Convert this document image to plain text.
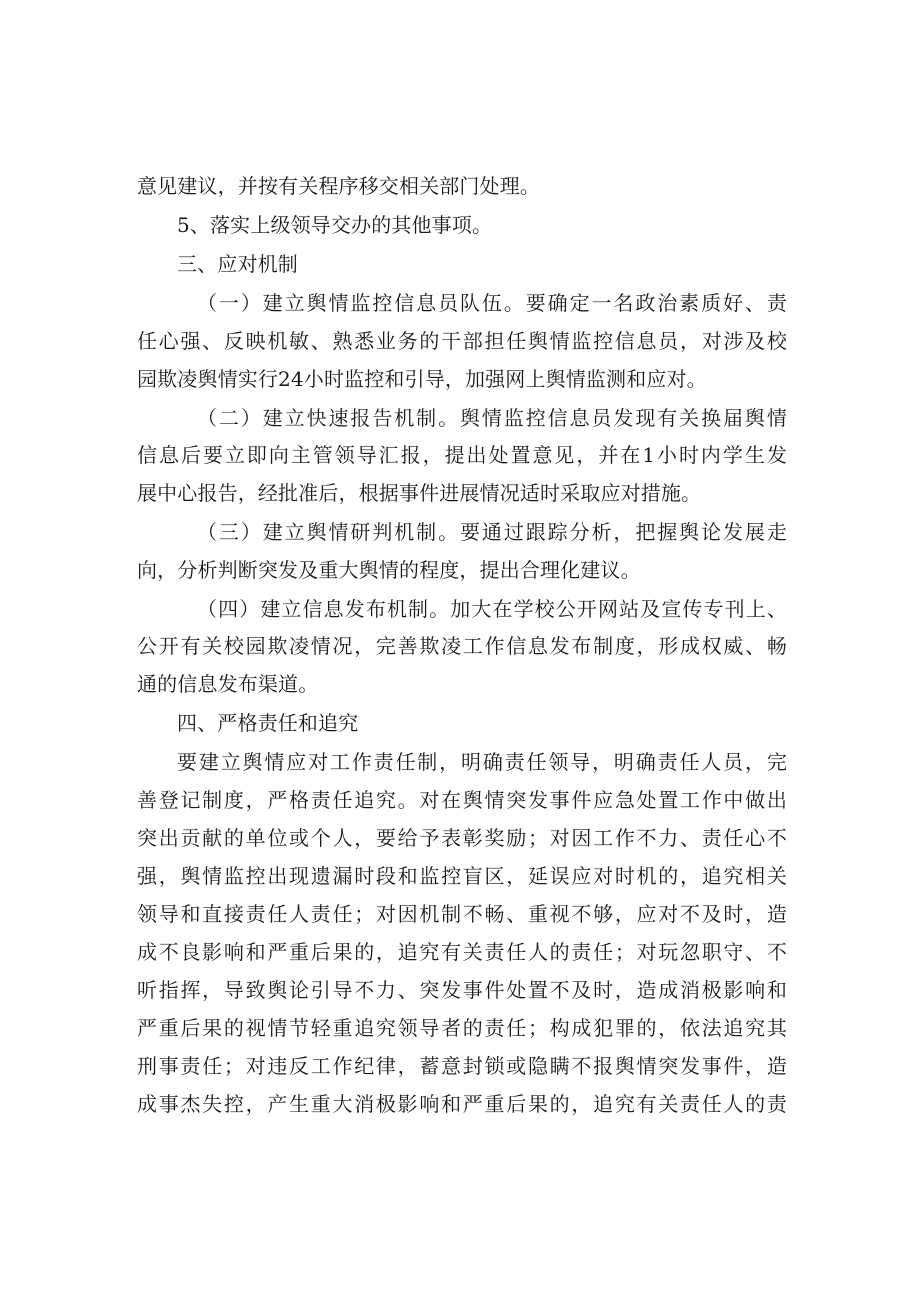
意见建议，并按有关程序移交相关部门处理。
5、落实上级领导交办的其他事项。
三、应对机制
（一）建立舆情监控信息员队伍。要确定一名政治素质好、责
任心强、反映机敏、熟悉业务的干部担任舆情监控信息员，对涉及校
园欺凌舆情实行24小时监控和引导，加强网上舆情监测和应对。
（二）建立快速报告机制。舆情监控信息员发现有关换届舆情
信息后要立即向主管领导汇报，提出处置意见，并在1小时内学生发
展中心报告，经批准后，根据事件进展情况适时采取应对措施。
（三）建立舆情研判机制。要通过跟踪分析，把握舆论发展走
向，分析判断突发及重大舆情的程度，提出合理化建议。
（四）建立信息发布机制。加大在学校公开网站及宣传专刊上、
公开有关校园欺凌情况，完善欺凌工作信息发布制度，形成权威、畅
通的信息发布渠道。
四、严格责任和追究
要建立舆情应对工作责任制，明确责任领导，明确责任人员，完
善登记制度，严格责任追究。对在舆情突发事件应急处置工作中做出
突出贡献的单位或个人，要给予表彰奖励；对因工作不力、责任心不
强，舆情监控出现遗漏时段和监控盲区，延误应对时机的，追究相关
领导和直接责任人责任；对因机制不畅、重视不够，应对不及时，造
成不良影响和严重后果的，追究有关责任人的责任；对玩忽职守、不
听指挥，导致舆论引导不力、突发事件处置不及时，造成消极影响和
严重后果的视情节轻重追究领导者的责任；构成犯罪的，依法追究其
刑事责任；对违反工作纪律，蓄意封锁或隐瞒不报舆情突发事件，造
成事杰失控，产生重大消极影响和严重后果的，追究有关责任人的责
